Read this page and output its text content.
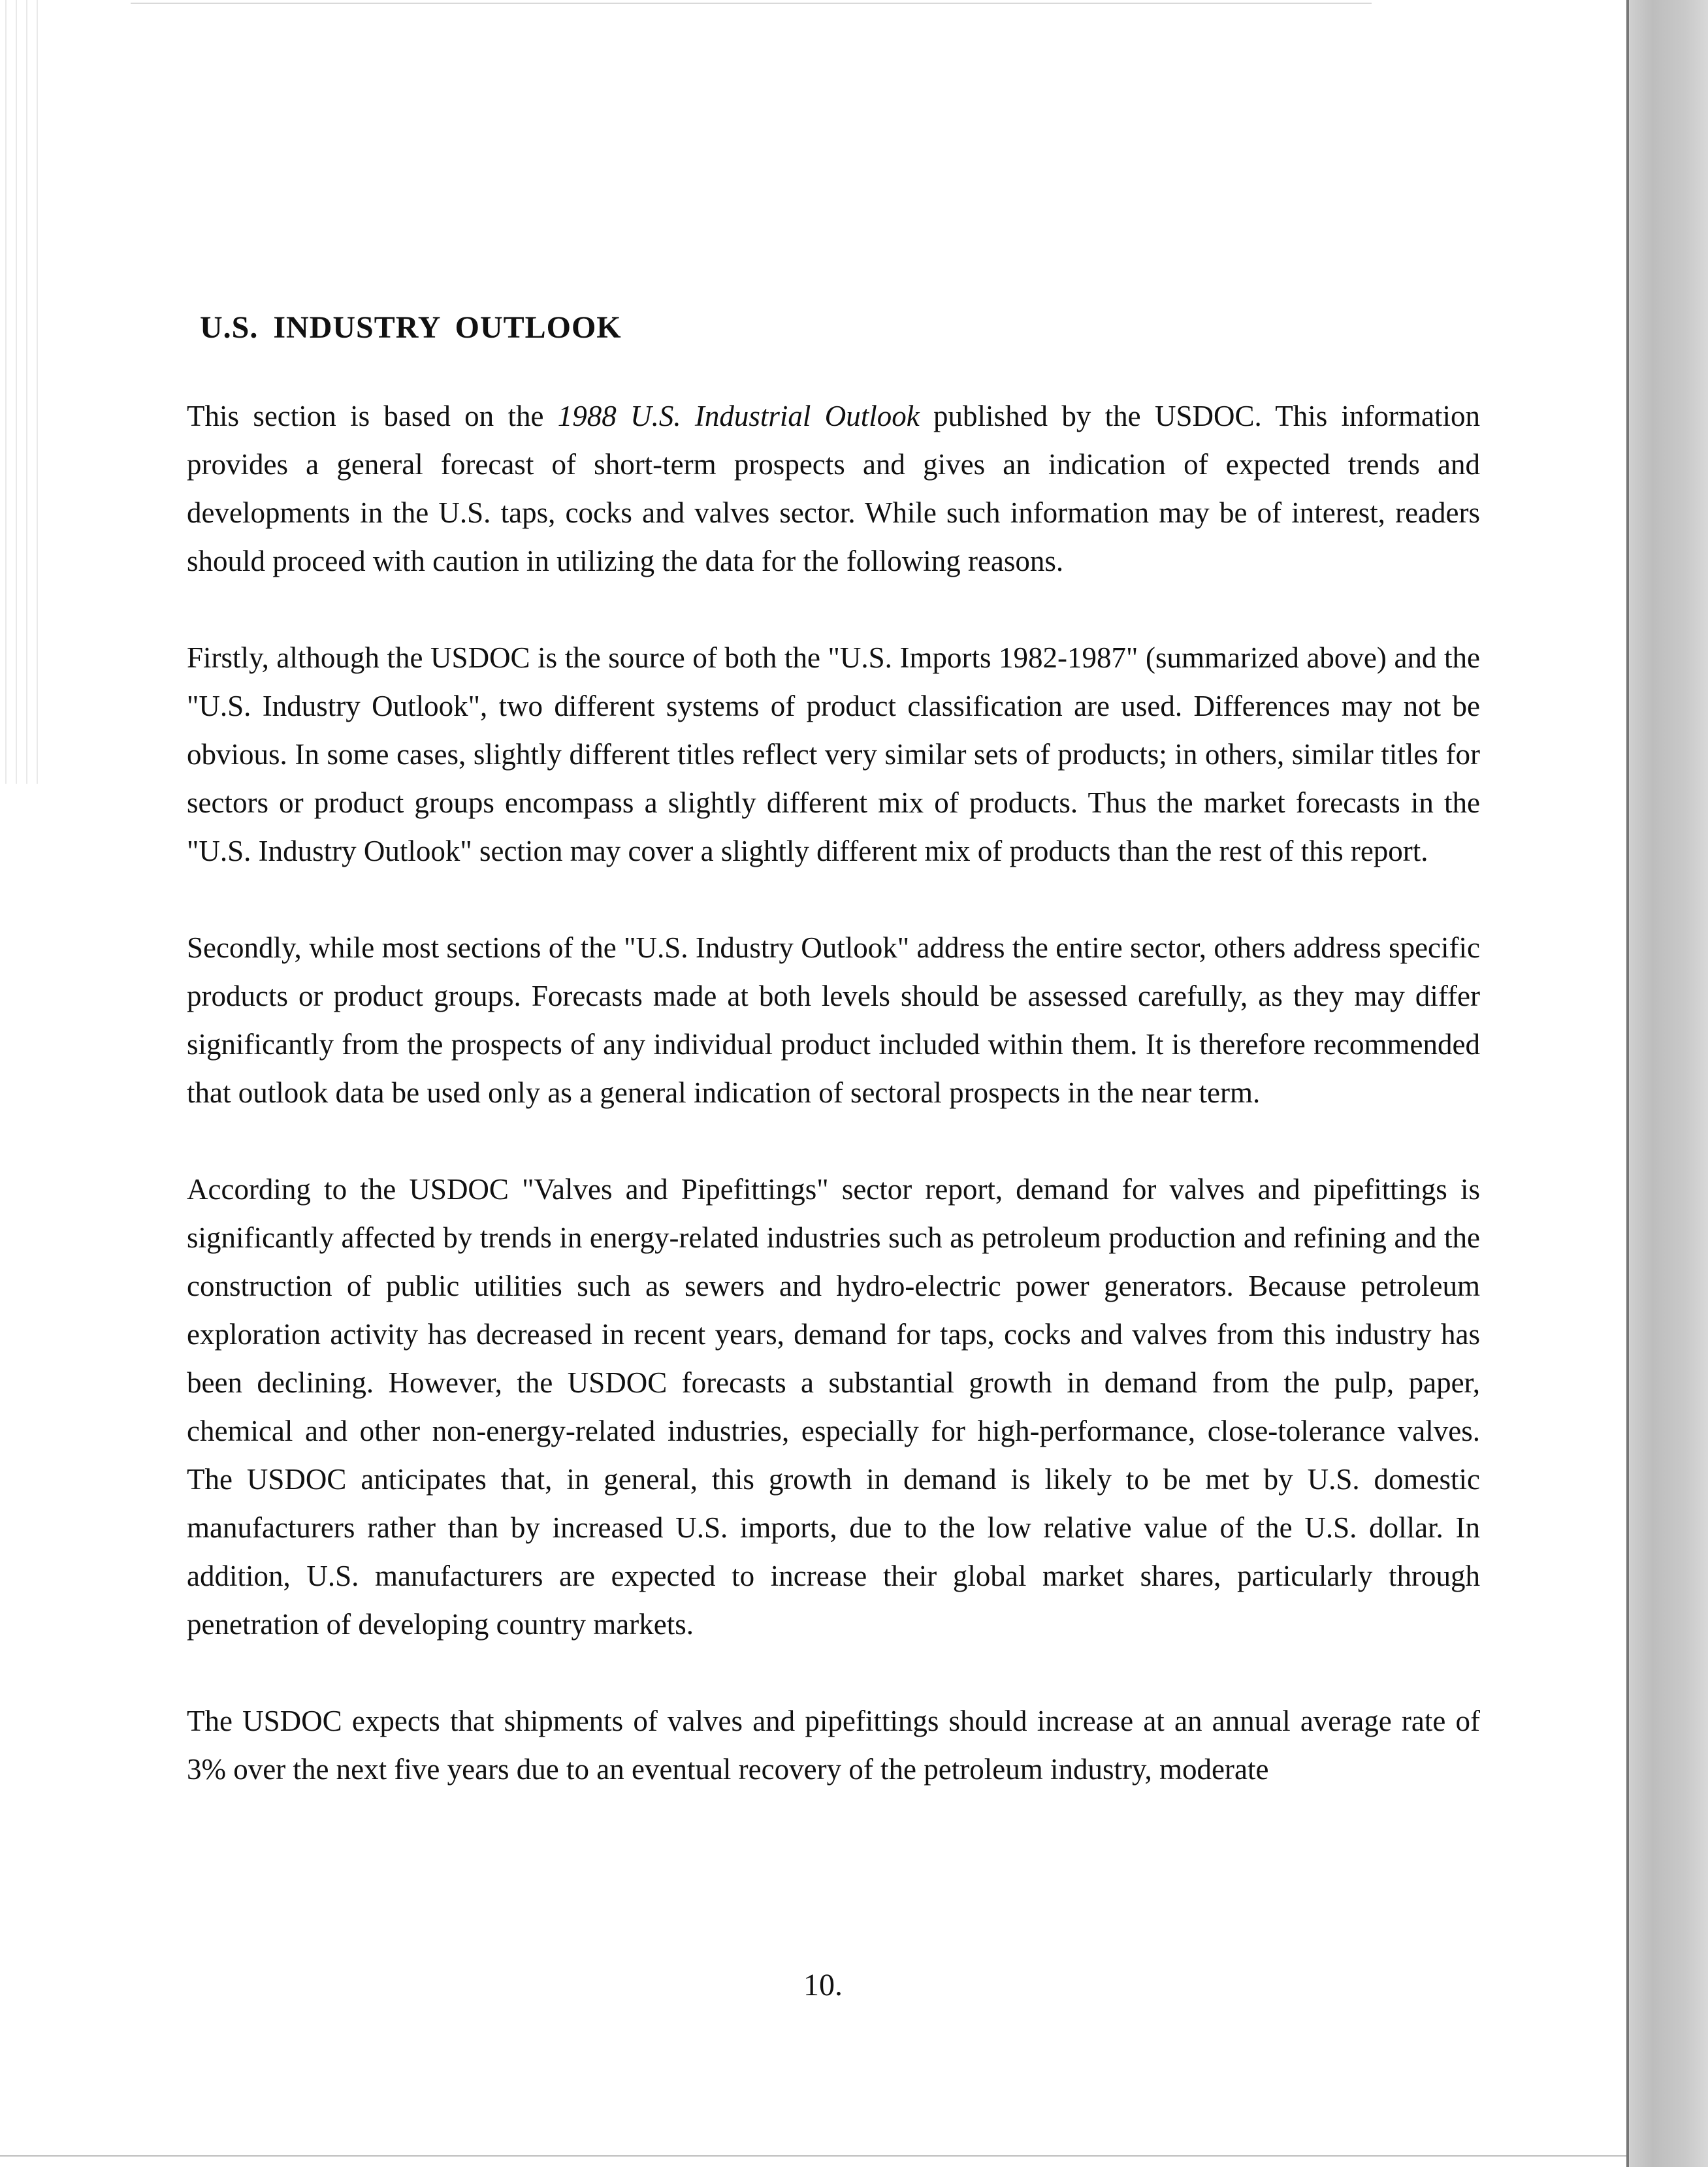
U.S. INDUSTRY OUTLOOK

This section is based on the 1988 U.S. Industrial Outlook published by the USDOC. This information provides a general forecast of short-term prospects and gives an indication of expected trends and developments in the U.S. taps, cocks and valves sector. While such information may be of interest, readers should proceed with caution in utilizing the data for the following reasons.

Firstly, although the USDOC is the source of both the "U.S. Imports 1982-1987" (summarized above) and the "U.S. Industry Outlook", two different systems of product classification are used. Differences may not be obvious. In some cases, slightly different titles reflect very similar sets of products; in others, similar titles for sectors or product groups encompass a slightly different mix of products. Thus the market forecasts in the "U.S. Industry Outlook" section may cover a slightly different mix of products than the rest of this report.

Secondly, while most sections of the "U.S. Industry Outlook" address the entire sector, others address specific products or product groups. Forecasts made at both levels should be assessed carefully, as they may differ significantly from the prospects of any individual product included within them. It is therefore recommended that outlook data be used only as a general indication of sectoral prospects in the near term.

According to the USDOC "Valves and Pipefittings" sector report, demand for valves and pipefittings is significantly affected by trends in energy-related industries such as petroleum production and refining and the construction of public utilities such as sewers and hydro-electric power generators. Because petroleum exploration activity has decreased in recent years, demand for taps, cocks and valves from this industry has been declining. However, the USDOC forecasts a substantial growth in demand from the pulp, paper, chemical and other non-energy-related industries, especially for high-performance, close-tolerance valves. The USDOC anticipates that, in general, this growth in demand is likely to be met by U.S. domestic manufacturers rather than by increased U.S. imports, due to the low relative value of the U.S. dollar. In addition, U.S. manufacturers are expected to increase their global market shares, particularly through penetration of developing country markets.

The USDOC expects that shipments of valves and pipefittings should increase at an annual average rate of 3% over the next five years due to an eventual recovery of the petroleum industry, moderate

10.
